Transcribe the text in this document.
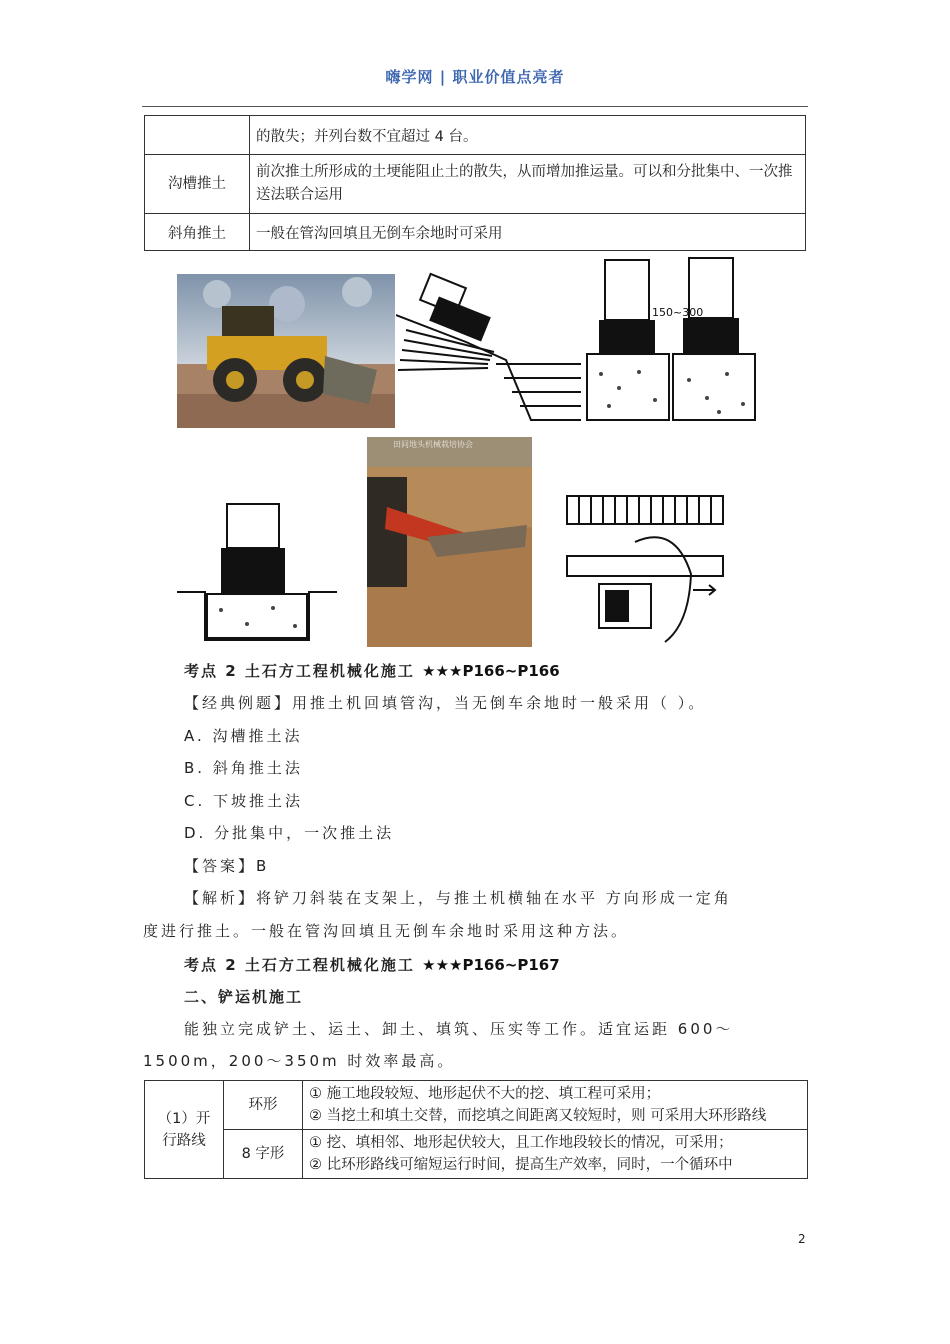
嗨学网 | 职业价值点亮者
	的散失；并列台数不宜超过 4 台。
沟槽推土	前次推土所形成的土埂能阻止土的散失，从而增加推运量。可以和分批集中、一次推送法联合运用
斜角推土	一般在管沟回填且无倒车余地时可采用
150~300
田间地头机械栽培协会
考点 2 土石方工程机械化施工 ★★★P166~P166
【经典例题】用推土机回填管沟，当无倒车余地时一般采用（ ）。
A. 沟槽推土法
B. 斜角推土法
C. 下坡推土法
D. 分批集中，一次推土法
【答案】B
【解析】将铲刀斜装在支架上，与推土机横轴在水平 方向形成一定角
度进行推土。一般在管沟回填且无倒车余地时采用这种方法。
考点 2 土石方工程机械化施工 ★★★P166~P167
二、铲运机施工
能独立完成铲土、运土、卸土、填筑、压实等工作。适宜运距 600～
1500m，200～350m 时效率最高。
（1）开行路线	环形	① 施工地段较短、地形起伏不大的挖、填工程可采用；
② 当挖土和填土交替，而挖填之间距离又较短时，则 可采用大环形路线

	8 字形	① 挖、填相邻、地形起伏较大，且工作地段较长的情况，可采用；
② 比环形路线可缩短运行时间，提高生产效率，同时，一个循环中
2
